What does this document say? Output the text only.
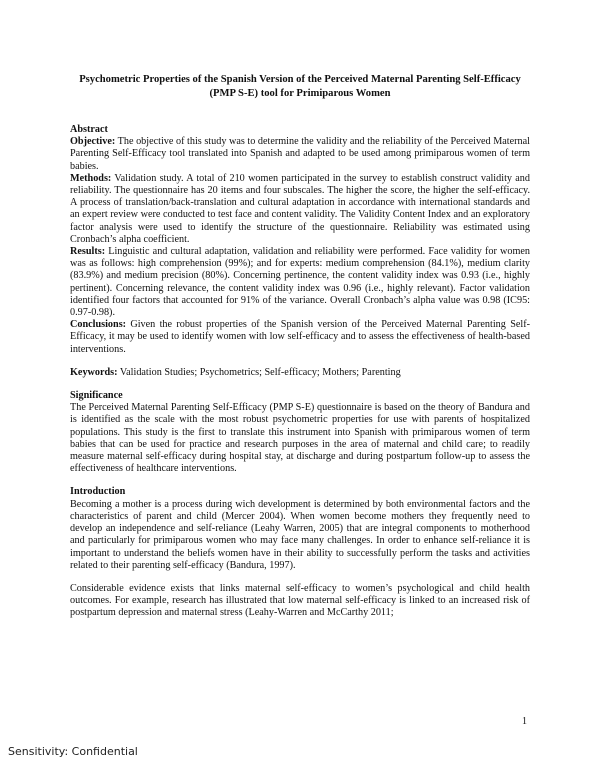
Psychometric Properties of the Spanish Version of the Perceived Maternal Parenting Self-Efficacy (PMP S-E) tool for Primiparous Women

Abstract

Objective: The objective of this study was to determine the validity and the reliability of the Perceived Maternal Parenting Self-Efficacy tool translated into Spanish and adapted to be used among primiparous women of term babies.

Methods: Validation study. A total of 210 women participated in the survey to establish construct validity and reliability. The questionnaire has 20 items and four subscales. The higher the score, the higher the self-efficacy. A process of translation/back-translation and cultural adaptation in accordance with international standards and an expert review were conducted to test face and content validity. The Validity Content Index and an exploratory factor analysis were used to identify the structure of the questionnaire. Reliability was estimated using Cronbach’s alpha coefficient.

Results: Linguistic and cultural adaptation, validation and reliability were performed. Face validity for women was as follows: high comprehension (99%); and for experts: medium comprehension (84.1%), medium clarity (83.9%) and medium precision (80%). Concerning pertinence, the content validity index was 0.93 (i.e., highly pertinent). Concerning relevance, the content validity index was 0.96 (i.e., highly relevant). Factor validation identified four factors that accounted for 91% of the variance. Overall Cronbach’s alpha value was 0.98 (IC95: 0.97-0.98).

Conclusions: Given the robust properties of the Spanish version of the Perceived Maternal Parenting Self-Efficacy, it may be used to identify women with low self-efficacy and to assess the effectiveness of health-based interventions.

Keywords: Validation Studies; Psychometrics; Self-efficacy; Mothers; Parenting

Significance

The Perceived Maternal Parenting Self-Efficacy (PMP S-E) questionnaire is based on the theory of Bandura and is identified as the scale with the most robust psychometric properties for use with parents of hospitalized populations. This study is the first to translate this instrument into Spanish with primiparous women of term babies that can be used for practice and research purposes in the area of maternal and child care; to readily measure maternal self-efficacy during hospital stay, at discharge and during postpartum follow-up to assess the effectiveness of healthcare interventions.

Introduction

Becoming a mother is a process during wich development is determined by both environmental factors and the characteristics of parent and child (Mercer 2004). When women become mothers they frequently need to develop an independence and self-reliance (Leahy Warren, 2005) that are integral components to motherhood and particularly for primiparous women who may face many challenges. In order to enhance self-reliance it is important to understand the beliefs women have in their ability to successfully perform the tasks and activities related to their parenting self-efficacy (Bandura, 1997).

Considerable evidence exists that links maternal self-efficacy to women’s psychological and child health outcomes. For example, research has illustrated that low maternal self-efficacy is linked to an increased risk of postpartum depression and maternal stress (Leahy-Warren and McCarthy 2011;

1
Sensitivity: Confidential
